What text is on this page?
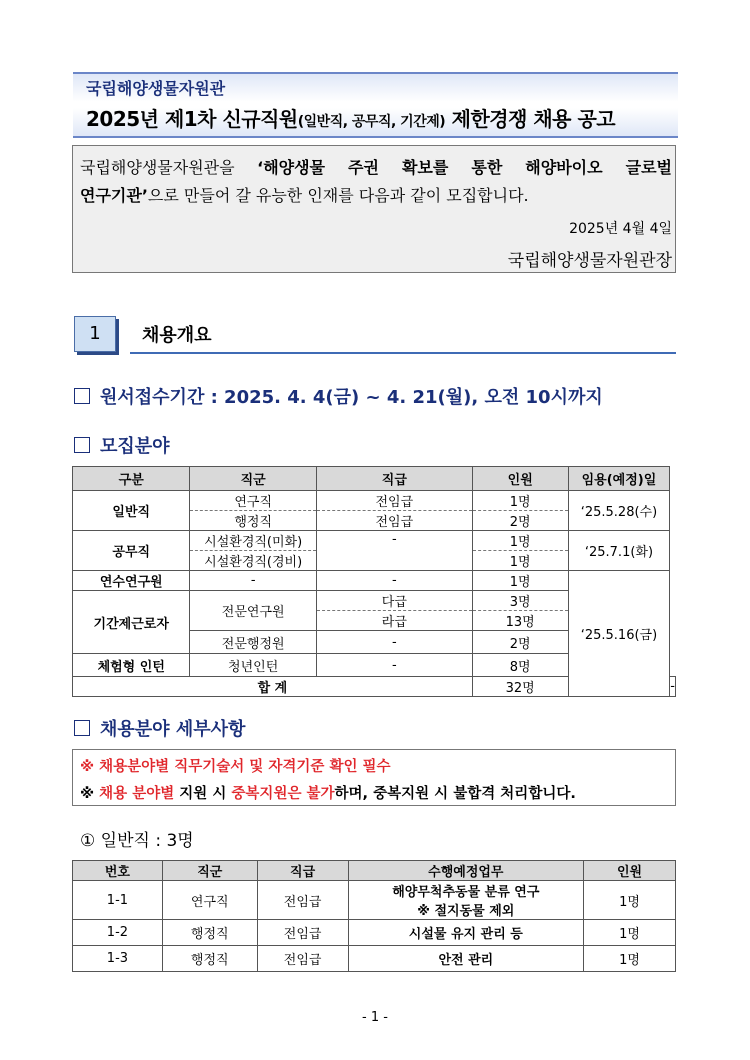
국립해양생물자원관
2025년 제1차 신규직원(일반직, 공무직, 기간제) 제한경쟁 채용 공고
국립해양생물자원관을 ‘해양생물 주권 확보를 통한 해양바이오 글로벌
연구기관’으로 만들어 갈 유능한 인재를 다음과 같이 모집합니다.
2025년 4월 4일
국립해양생물자원관장
1	채용개요
원서접수기간 : 2025. 4. 4(금) ~ 4. 21(월), 오전 10시까지
모집분야
구분	직군	직급	인원	임용(예정)일	
일반직	연구직	전임급	1명	‘25.5.28(수)	
	행정직	전임급	2명		
공무직	시설환경직(미화)	-	1명	‘25.7.1(화)	
	시설환경직(경비)		1명		
연수연구원	-	-	1명	‘25.5.16(금)	
기간제근로자	전문연구원	다급	3명		
		라급	13명		
	전문행정원	-	2명		
체험형 인턴	청년인턴	-	8명		
합 계			32명		-
채용분야 세부사항
※ 채용분야별 직무기술서 및 자격기준 확인 필수
※ 채용 분야별 지원 시 중복지원은 불가하며, 중복지원 시 불합격 처리합니다.
① 일반직 : 3명
번호	직군	직급	수행예정업무	인원
1-1	연구직	전임급	해양무척추동물 분류 연구
※ 절지동물 제외	1명
1-2	행정직	전임급	시설물 유지 관리 등	1명
1-3	행정직	전임급	안전 관리	1명
- 1 -
